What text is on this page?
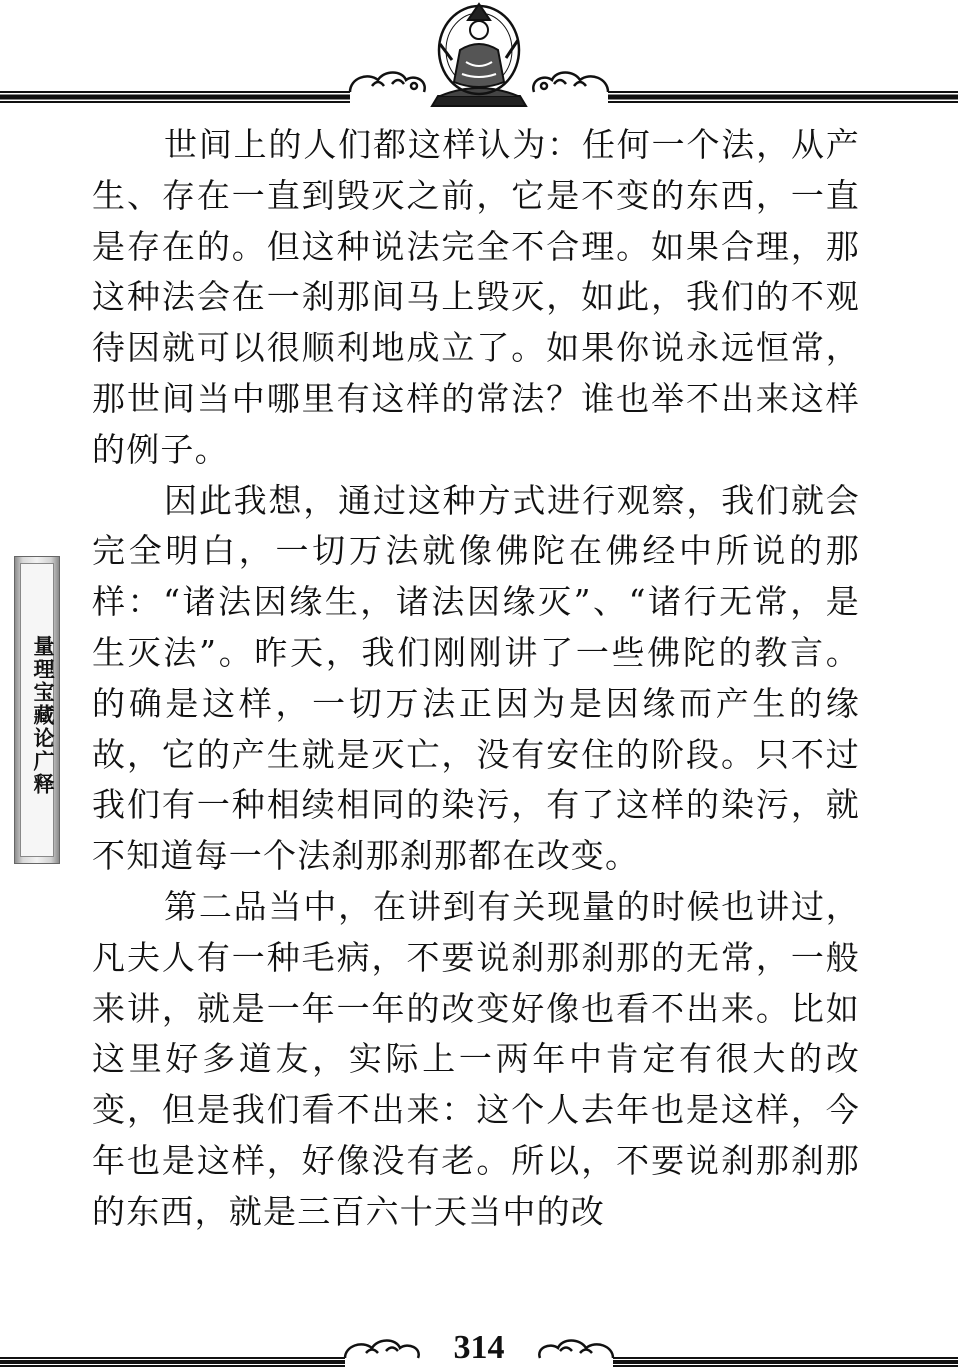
量理宝藏论广释

世间上的人们都这样认为：任何一个法，从产生、存在一直到毁灭之前，它是不变的东西，一直是存在的。但这种说法完全不合理。如果合理，那这种法会在一刹那间马上毁灭，如此，我们的不观待因就可以很顺利地成立了。如果你说永远恒常，那世间当中哪里有这样的常法？谁也举不出来这样的例子。

因此我想，通过这种方式进行观察，我们就会完全明白，一切万法就像佛陀在佛经中所说的那样：“诸法因缘生，诸法因缘灭”、“诸行无常，是生灭法”。昨天，我们刚刚讲了一些佛陀的教言。的确是这样，一切万法正因为是因缘而产生的缘故，它的产生就是灭亡，没有安住的阶段。只不过我们有一种相续相同的染污，有了这样的染污，就不知道每一个法刹那刹那都在改变。

第二品当中，在讲到有关现量的时候也讲过，凡夫人有一种毛病，不要说刹那刹那的无常，一般来讲，就是一年一年的改变好像也看不出来。比如这里好多道友，实际上一两年中肯定有很大的改变，但是我们看不出来：这个人去年也是这样，今年也是这样，好像没有老。所以，不要说刹那刹那的东西，就是三百六十天当中的改

314
